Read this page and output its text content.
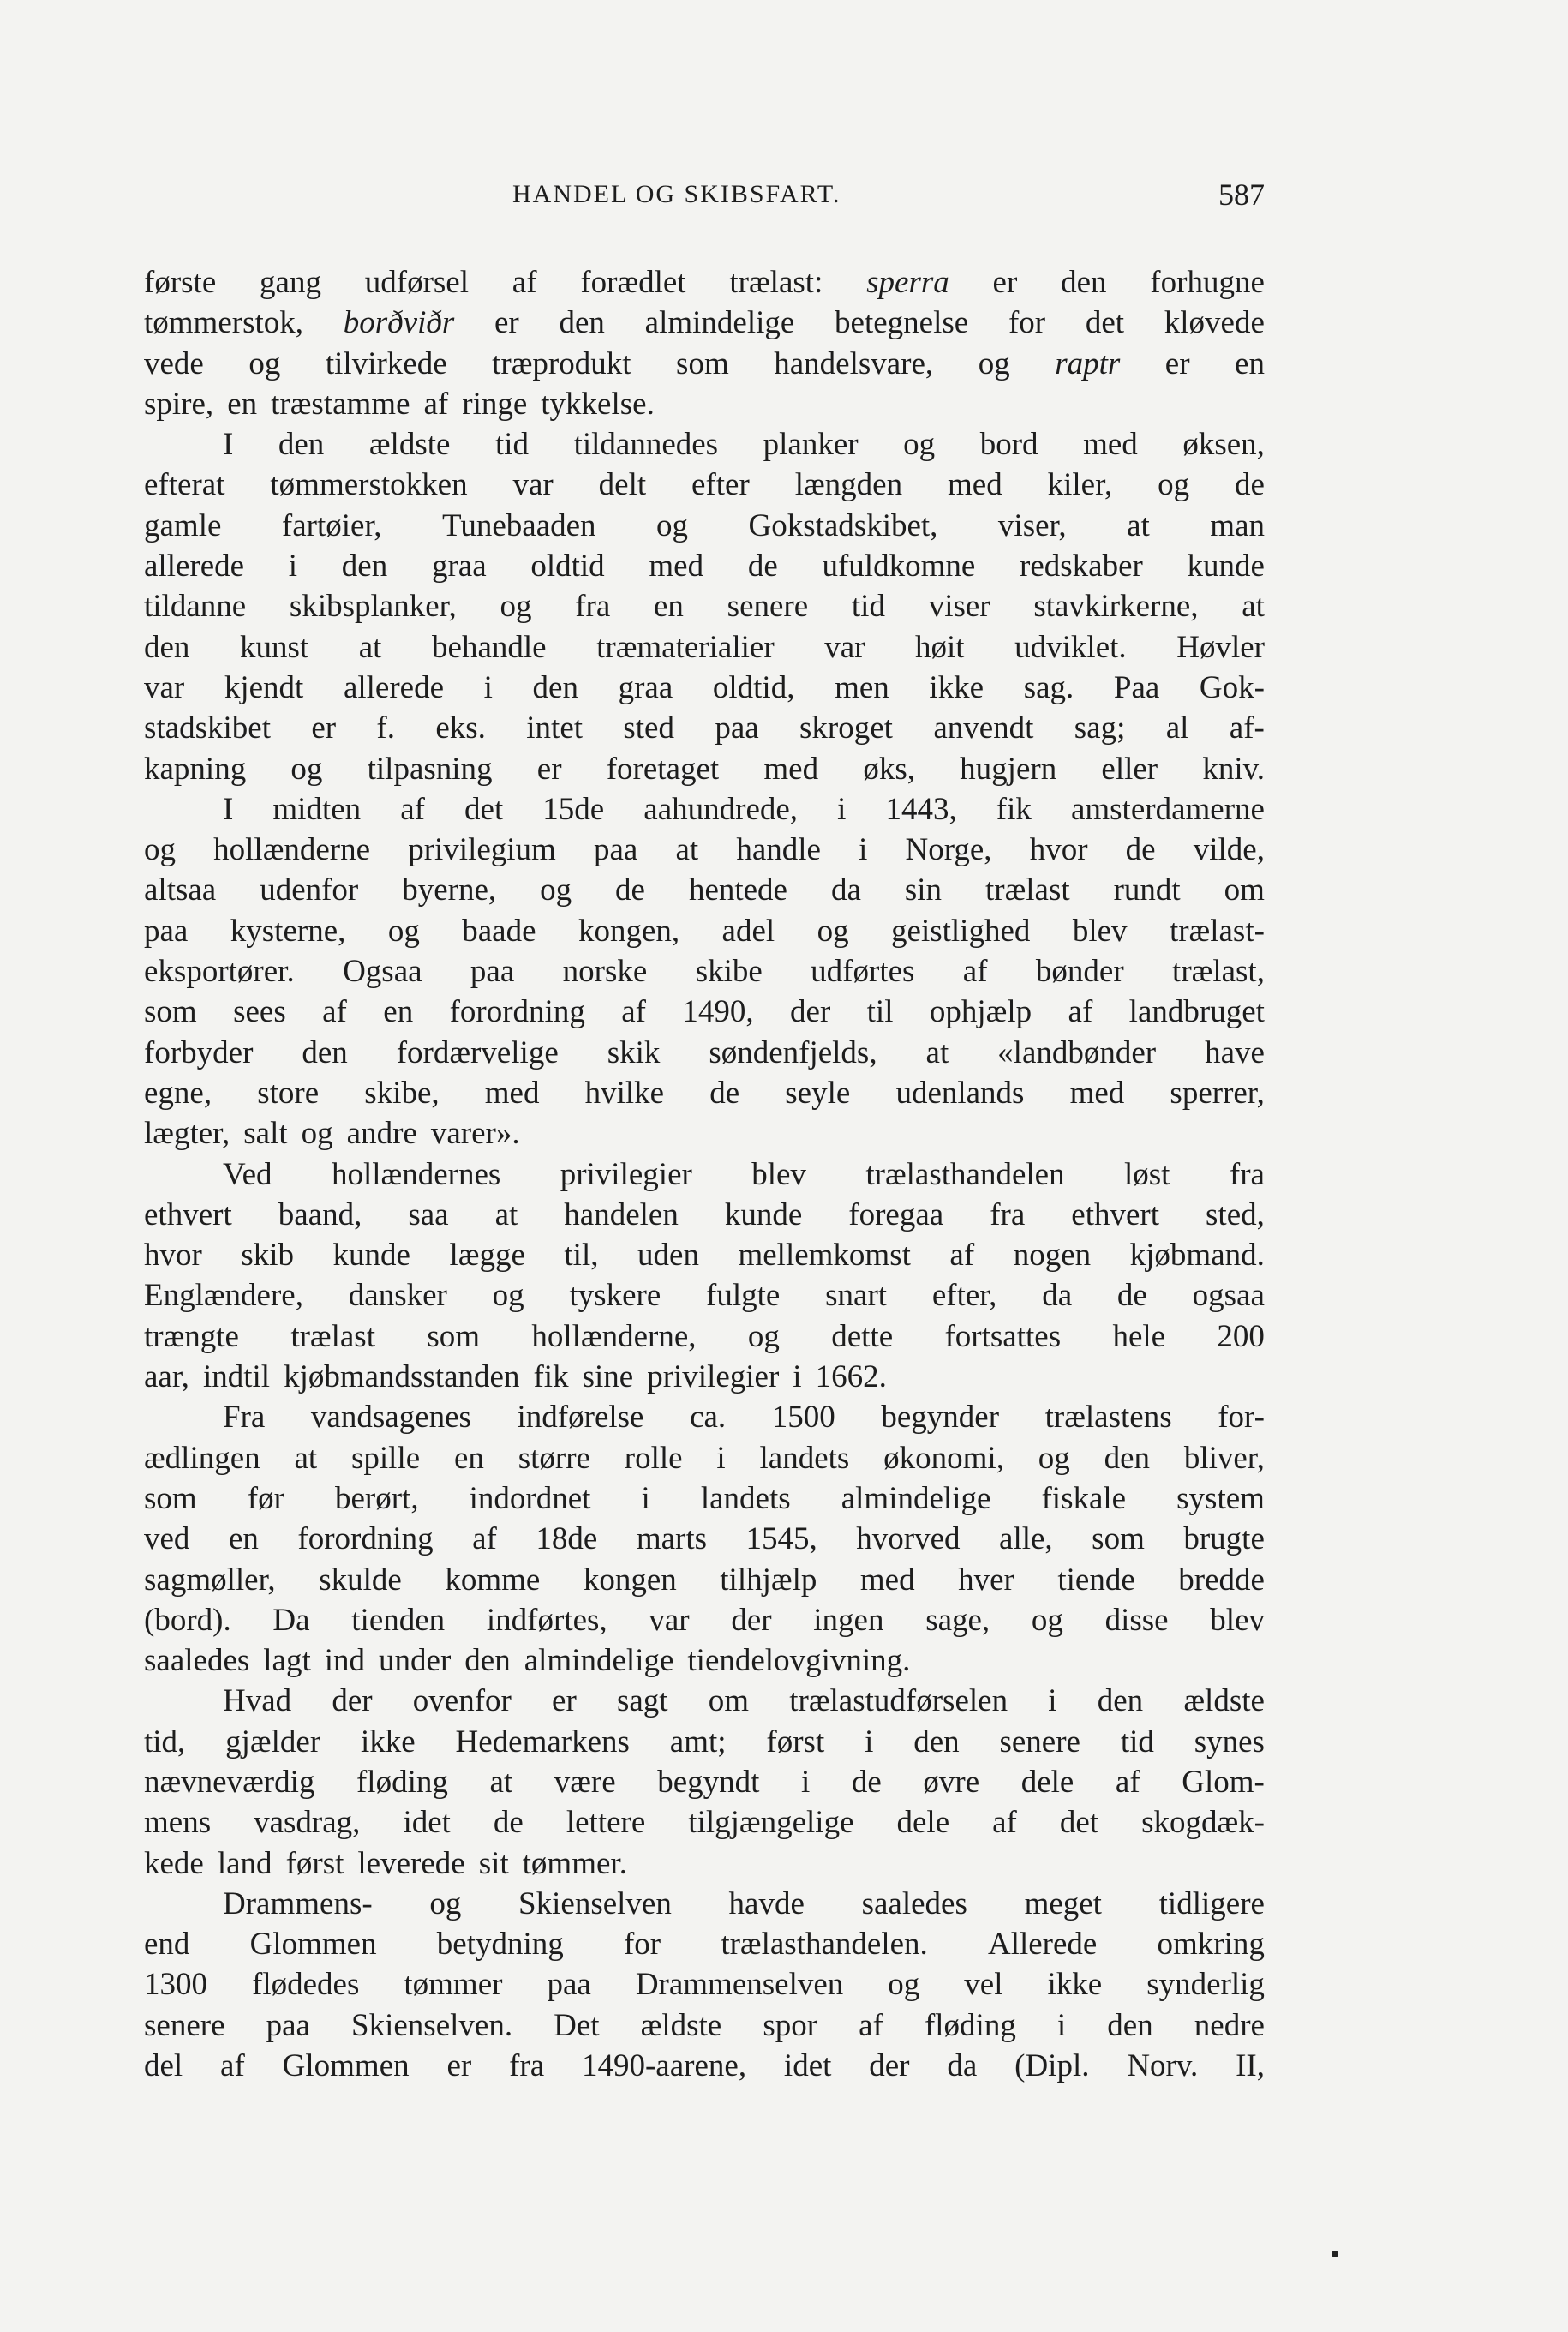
HANDEL OG SKIBSFART.	587
første gang udførsel af forædlet trælast: sperra er den forhugne
tømmerstok, borðviðr er den almindelige betegnelse for det kløvede
vede og tilvirkede træprodukt som handelsvare, og raptr er en
spire, en træstamme af ringe tykkelse.
I den ældste tid tildannedes planker og bord med øksen,
efterat tømmerstokken var delt efter længden med kiler, og de
gamle fartøier, Tunebaaden og Gokstadskibet, viser, at man
allerede i den graa oldtid med de ufuldkomne redskaber kunde
tildanne skibsplanker, og fra en senere tid viser stavkirkerne, at
den kunst at behandle træmaterialier var høit udviklet. Høvler
var kjendt allerede i den graa oldtid, men ikke sag. Paa Gok-
stadskibet er f. eks. intet sted paa skroget anvendt sag; al af-
kapning og tilpasning er foretaget med øks, hugjern eller kniv.
I midten af det 15de aahundrede, i 1443, fik amsterdamerne
og hollænderne privilegium paa at handle i Norge, hvor de vilde,
altsaa udenfor byerne, og de hentede da sin trælast rundt om
paa kysterne, og baade kongen, adel og geistlighed blev trælast-
eksportører. Ogsaa paa norske skibe udførtes af bønder trælast,
som sees af en forordning af 1490, der til ophjælp af landbruget
forbyder den fordærvelige skik søndenfjelds, at «landbønder have
egne, store skibe, med hvilke de seyle udenlands med sperrer,
lægter, salt og andre varer».
Ved hollændernes privilegier blev trælasthandelen løst fra
ethvert baand, saa at handelen kunde foregaa fra ethvert sted,
hvor skib kunde lægge til, uden mellemkomst af nogen kjøbmand.
Englændere, dansker og tyskere fulgte snart efter, da de ogsaa
trængte trælast som hollænderne, og dette fortsattes hele 200
aar, indtil kjøbmandsstanden fik sine privilegier i 1662.
Fra vandsagenes indførelse ca. 1500 begynder trælastens for-
ædlingen at spille en større rolle i landets økonomi, og den bliver,
som før berørt, indordnet i landets almindelige fiskale system
ved en forordning af 18de marts 1545, hvorved alle, som brugte
sagmøller, skulde komme kongen tilhjælp med hver tiende bredde
(bord). Da tienden indførtes, var der ingen sage, og disse blev
saaledes lagt ind under den almindelige tiendelovgivning.
Hvad der ovenfor er sagt om trælastudførselen i den ældste
tid, gjælder ikke Hedemarkens amt; først i den senere tid synes
nævneværdig fløding at være begyndt i de øvre dele af Glom-
mens vasdrag, idet de lettere tilgjængelige dele af det skogdæk-
kede land først leverede sit tømmer.
Drammens- og Skienselven havde saaledes meget tidligere
end Glommen betydning for trælasthandelen. Allerede omkring
1300 flødedes tømmer paa Drammenselven og vel ikke synderlig
senere paa Skienselven. Det ældste spor af fløding i den nedre
del af Glommen er fra 1490-aarene, idet der da (Dipl. Norv. II,
